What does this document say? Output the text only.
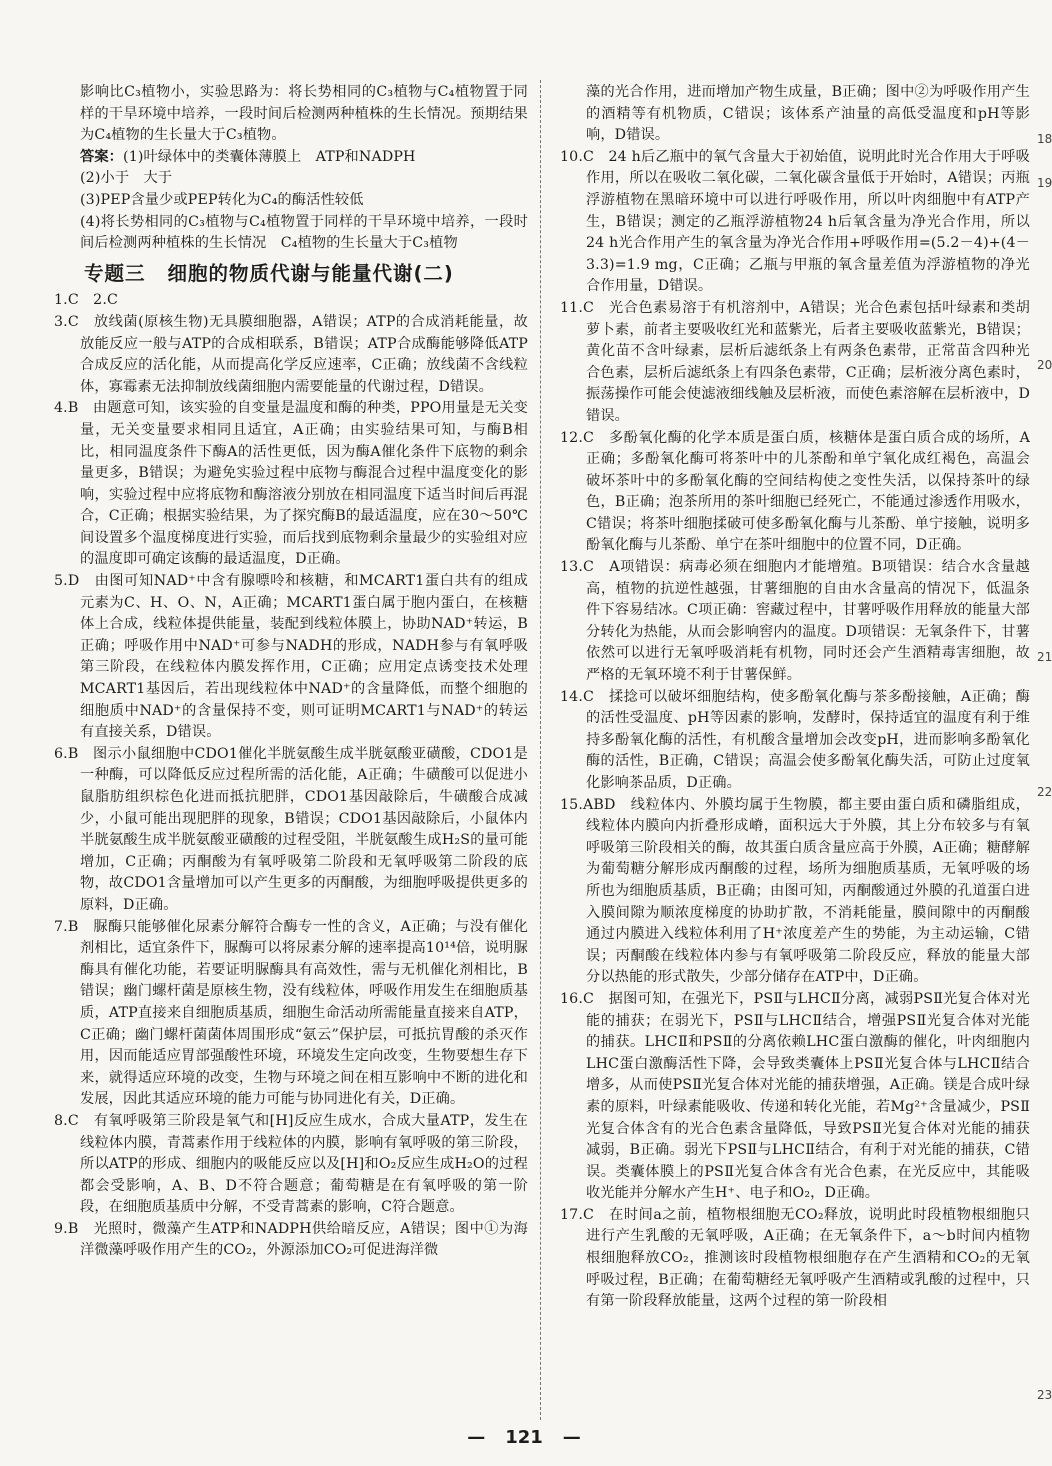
影响比C₃植物小，实验思路为：将长势相同的C₃植物与C₄植物置于同样的干旱环境中培养，一段时间后检测两种植株的生长情况。预期结果为C₄植物的生长量大于C₃植物。

答案：(1)叶绿体中的类囊体薄膜上　ATP和NADPH

(2)小于　大于

(3)PEP含量少或PEP转化为C₄的酶活性较低

(4)将长势相同的C₃植物与C₄植物置于同样的干旱环境中培养，一段时间后检测两种植株的生长情况　C₄植物的生长量大于C₃植物

专题三 细胞的物质代谢与能量代谢(二)

1.C　2.C

3.C　放线菌(原核生物)无具膜细胞器，A错误；ATP的合成消耗能量，故放能反应一般与ATP的合成相联系，B错误；ATP合成酶能够降低ATP合成反应的活化能，从而提高化学反应速率，C正确；放线菌不含线粒体，寡霉素无法抑制放线菌细胞内需要能量的代谢过程，D错误。

4.B　由题意可知，该实验的自变量是温度和酶的种类，PPO用量是无关变量，无关变量要求相同且适宜，A正确；由实验结果可知，与酶B相比，相同温度条件下酶A的活性更低，因为酶A催化条件下底物的剩余量更多，B错误；为避免实验过程中底物与酶混合过程中温度变化的影响，实验过程中应将底物和酶溶液分别放在相同温度下适当时间后再混合，C正确；根据实验结果，为了探究酶B的最适温度，应在30～50℃间设置多个温度梯度进行实验，而后找到底物剩余量最少的实验组对应的温度即可确定该酶的最适温度，D正确。

5.D　由图可知NAD⁺中含有腺嘌呤和核糖，和MCART1蛋白共有的组成元素为C、H、O、N，A正确；MCART1蛋白属于胞内蛋白，在核糖体上合成，线粒体提供能量，装配到线粒体膜上，协助NAD⁺转运，B正确；呼吸作用中NAD⁺可参与NADH的形成，NADH参与有氧呼吸第三阶段，在线粒体内膜发挥作用，C正确；应用定点诱变技术处理MCART1基因后，若出现线粒体中NAD⁺的含量降低，而整个细胞的细胞质中NAD⁺的含量保持不变，则可证明MCART1与NAD⁺的转运有直接关系，D错误。

6.B　图示小鼠细胞中CDO1催化半胱氨酸生成半胱氨酸亚磺酸，CDO1是一种酶，可以降低反应过程所需的活化能，A正确；牛磺酸可以促进小鼠脂肪组织棕色化进而抵抗肥胖，CDO1基因敲除后，牛磺酸合成减少，小鼠可能出现肥胖的现象，B错误；CDO1基因敲除后，小鼠体内半胱氨酸生成半胱氨酸亚磺酸的过程受阻，半胱氨酸生成H₂S的量可能增加，C正确；丙酮酸为有氧呼吸第二阶段和无氧呼吸第二阶段的底物，故CDO1含量增加可以产生更多的丙酮酸，为细胞呼吸提供更多的原料，D正确。

7.B　脲酶只能够催化尿素分解符合酶专一性的含义，A正确；与没有催化剂相比，适宜条件下，脲酶可以将尿素分解的速率提高10¹⁴倍，说明脲酶具有催化功能，若要证明脲酶具有高效性，需与无机催化剂相比，B错误；幽门螺杆菌是原核生物，没有线粒体，呼吸作用发生在细胞质基质，ATP直接来自细胞质基质，细胞生命活动所需能量直接来自ATP，C正确；幽门螺杆菌菌体周围形成“氨云”保护层，可抵抗胃酸的杀灭作用，因而能适应胃部强酸性环境，环境发生定向改变，生物要想生存下来，就得适应环境的改变，生物与环境之间在相互影响中不断的进化和发展，因此其适应环境的能力可能与协同进化有关，D正确。

8.C　有氧呼吸第三阶段是氧气和[H]反应生成水，合成大量ATP，发生在线粒体内膜，青蒿素作用于线粒体的内膜，影响有氧呼吸的第三阶段，所以ATP的形成、细胞内的吸能反应以及[H]和O₂反应生成H₂O的过程都会受影响，A、B、D不符合题意；葡萄糖是在有氧呼吸的第一阶段，在细胞质基质中分解，不受青蒿素的影响，C符合题意。

9.B　光照时，微藻产生ATP和NADPH供给暗反应，A错误；图中①为海洋微藻呼吸作用产生的CO₂，外源添加CO₂可促进海洋微

藻的光合作用，进而增加产物生成量，B正确；图中②为呼吸作用产生的酒精等有机物质，C错误；该体系产油量的高低受温度和pH等影响，D错误。

10.C　24 h后乙瓶中的氧气含量大于初始值，说明此时光合作用大于呼吸作用，所以在吸收二氧化碳，二氧化碳含量低于开始时，A错误；丙瓶浮游植物在黑暗环境中可以进行呼吸作用，所以叶肉细胞中有ATP产生，B错误；测定的乙瓶浮游植物24 h后氧含量为净光合作用，所以24 h光合作用产生的氧含量为净光合作用+呼吸作用=(5.2－4)+(4－3.3)=1.9 mg，C正确；乙瓶与甲瓶的氧含量差值为浮游植物的净光合作用量，D错误。

11.C　光合色素易溶于有机溶剂中，A错误；光合色素包括叶绿素和类胡萝卜素，前者主要吸收红光和蓝紫光，后者主要吸收蓝紫光，B错误；黄化苗不含叶绿素，层析后滤纸条上有两条色素带，正常苗含四种光合色素，层析后滤纸条上有四条色素带，C正确；层析液分离色素时，振荡操作可能会使滤液细线触及层析液，而使色素溶解在层析液中，D错误。

12.C　多酚氧化酶的化学本质是蛋白质，核糖体是蛋白质合成的场所，A正确；多酚氧化酶可将茶叶中的儿茶酚和单宁氧化成红褐色，高温会破坏茶叶中的多酚氧化酶的空间结构使之变性失活，以保持茶叶的绿色，B正确；泡茶所用的茶叶细胞已经死亡，不能通过渗透作用吸水，C错误；将茶叶细胞揉破可使多酚氧化酶与儿茶酚、单宁接触，说明多酚氧化酶与儿茶酚、单宁在茶叶细胞中的位置不同，D正确。

13.C　A项错误：病毒必须在细胞内才能增殖。B项错误：结合水含量越高，植物的抗逆性越强，甘薯细胞的自由水含量高的情况下，低温条件下容易结冰。C项正确：窖藏过程中，甘薯呼吸作用释放的能量大部分转化为热能，从而会影响窖内的温度。D项错误：无氧条件下，甘薯依然可以进行无氧呼吸消耗有机物，同时还会产生酒精毒害细胞，故严格的无氧环境不利于甘薯保鲜。

14.C　揉捻可以破坏细胞结构，使多酚氧化酶与茶多酚接触，A正确；酶的活性受温度、pH等因素的影响，发酵时，保持适宜的温度有利于维持多酚氧化酶的活性，有机酸含量增加会改变pH，进而影响多酚氧化酶的活性，B正确，C错误；高温会使多酚氧化酶失活，可防止过度氧化影响茶品质，D正确。

15.ABD　线粒体内、外膜均属于生物膜，都主要由蛋白质和磷脂组成，线粒体内膜向内折叠形成嵴，面积远大于外膜，其上分布较多与有氧呼吸第三阶段相关的酶，故其蛋白质含量应高于外膜，A正确；糖酵解为葡萄糖分解形成丙酮酸的过程，场所为细胞质基质，无氧呼吸的场所也为细胞质基质，B正确；由图可知，丙酮酸通过外膜的孔道蛋白进入膜间隙为顺浓度梯度的协助扩散，不消耗能量，膜间隙中的丙酮酸通过内膜进入线粒体利用了H⁺浓度差产生的势能，为主动运输，C错误；丙酮酸在线粒体内参与有氧呼吸第二阶段反应，释放的能量大部分以热能的形式散失，少部分储存在ATP中，D正确。

16.C　据图可知，在强光下，PSⅡ与LHCⅡ分离，减弱PSⅡ光复合体对光能的捕获；在弱光下，PSⅡ与LHCⅡ结合，增强PSⅡ光复合体对光能的捕获。LHCⅡ和PSⅡ的分离依赖LHC蛋白激酶的催化，叶肉细胞内LHC蛋白激酶活性下降，会导致类囊体上PSⅡ光复合体与LHCⅡ结合增多，从而使PSⅡ光复合体对光能的捕获增强，A正确。镁是合成叶绿素的原料，叶绿素能吸收、传递和转化光能，若Mg²⁺含量减少，PSⅡ光复合体含有的光合色素含量降低，导致PSⅡ光复合体对光能的捕获减弱，B正确。弱光下PSⅡ与LHCⅡ结合，有利于对光能的捕获，C错误。类囊体膜上的PSⅡ光复合体含有光合色素，在光反应中，其能吸收光能并分解水产生H⁺、电子和O₂，D正确。

17.C　在时间a之前，植物根细胞无CO₂释放，说明此时段植物根细胞只进行产生乳酸的无氧呼吸，A正确；在无氧条件下，a～b时间内植物根细胞释放CO₂，推测该时段植物根细胞存在产生酒精和CO₂的无氧呼吸过程，B正确；在葡萄糖经无氧呼吸产生酒精或乳酸的过程中，只有第一阶段释放能量，这两个过程的第一阶段相

— 121 —
18
19
20
21
22
23
